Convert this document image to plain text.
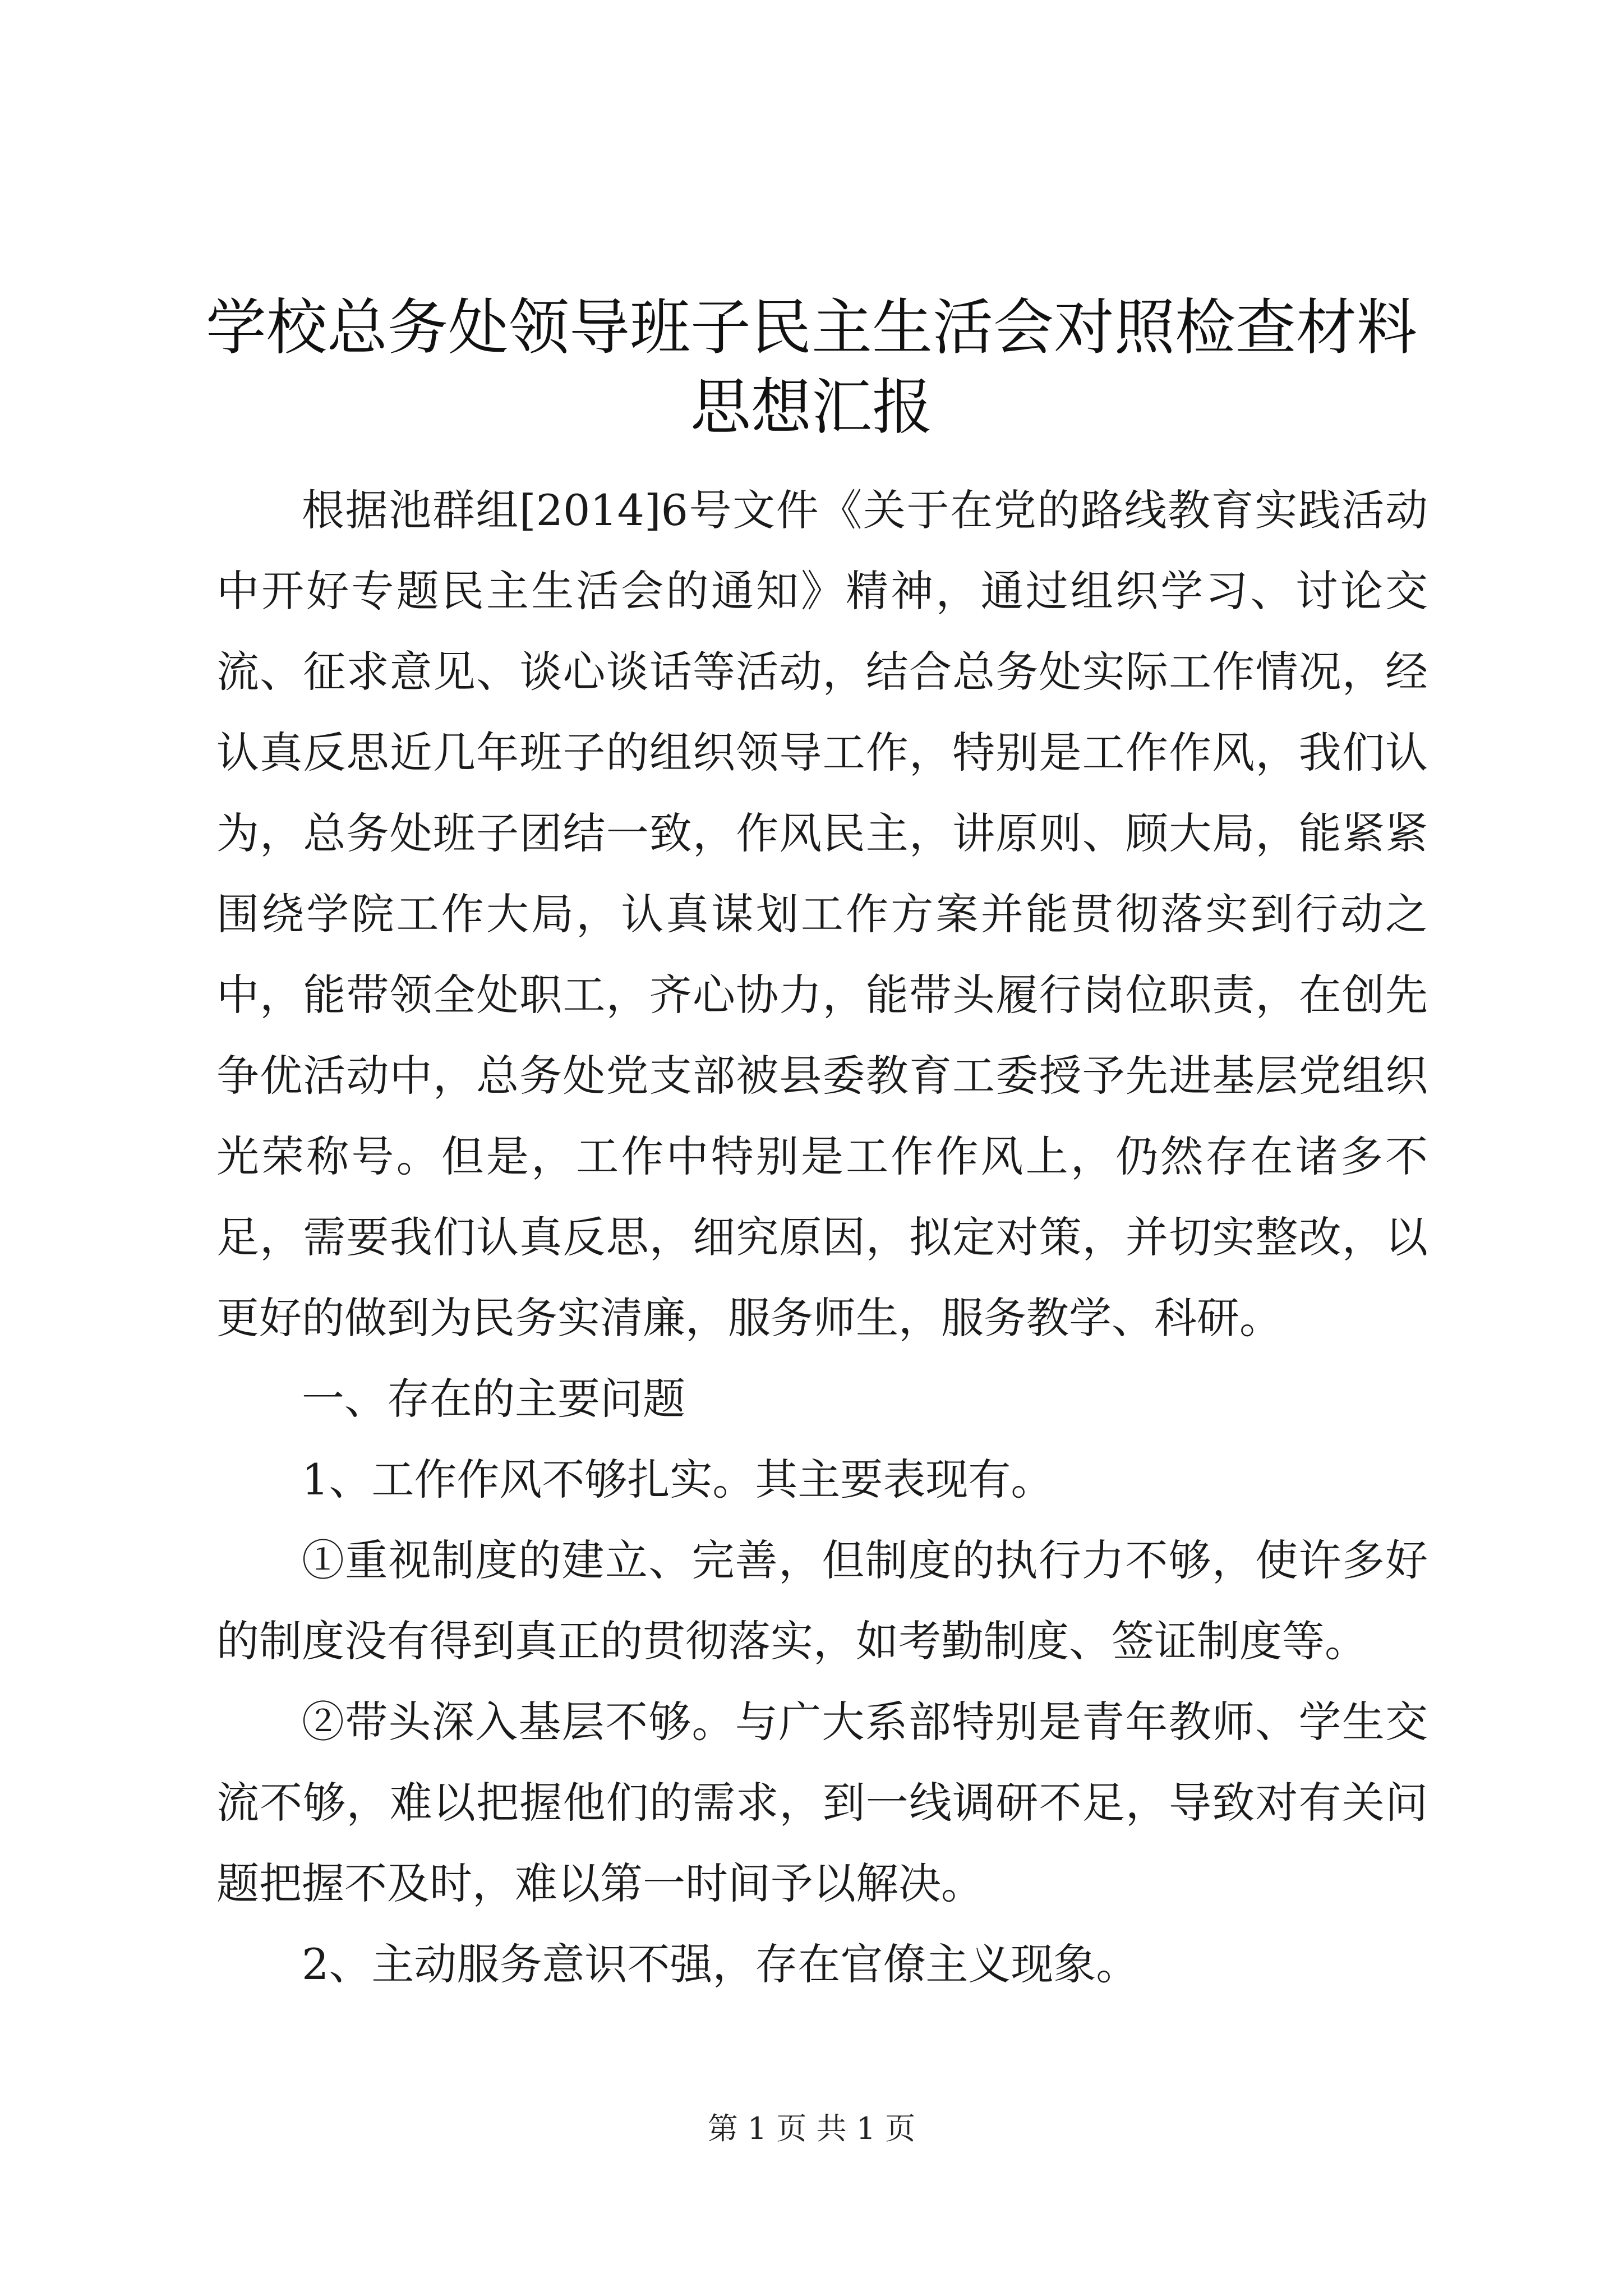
学校总务处领导班子民主生活会对照检查材料
思想汇报

根据池群组[2014]6号文件《关于在党的路线教育实践活动中开好专题民主生活会的通知》精神，通过组织学习、讨论交流、征求意见、谈心谈话等活动，结合总务处实际工作情况，经认真反思近几年班子的组织领导工作，特别是工作作风，我们认为，总务处班子团结一致，作风民主，讲原则、顾大局，能紧紧围绕学院工作大局，认真谋划工作方案并能贯彻落实到行动之中，能带领全处职工，齐心协力，能带头履行岗位职责，在创先争优活动中，总务处党支部被县委教育工委授予先进基层党组织光荣称号。但是，工作中特别是工作作风上，仍然存在诸多不足，需要我们认真反思，细究原因，拟定对策，并切实整改，以更好的做到为民务实清廉，服务师生，服务教学、科研。

一、存在的主要问题

1、工作作风不够扎实。其主要表现有。

①重视制度的建立、完善，但制度的执行力不够，使许多好的制度没有得到真正的贯彻落实，如考勤制度、签证制度等。

②带头深入基层不够。与广大系部特别是青年教师、学生交流不够，难以把握他们的需求，到一线调研不足，导致对有关问题把握不及时，难以第一时间予以解决。

2、主动服务意识不强，存在官僚主义现象。

第 1 页 共 1 页
